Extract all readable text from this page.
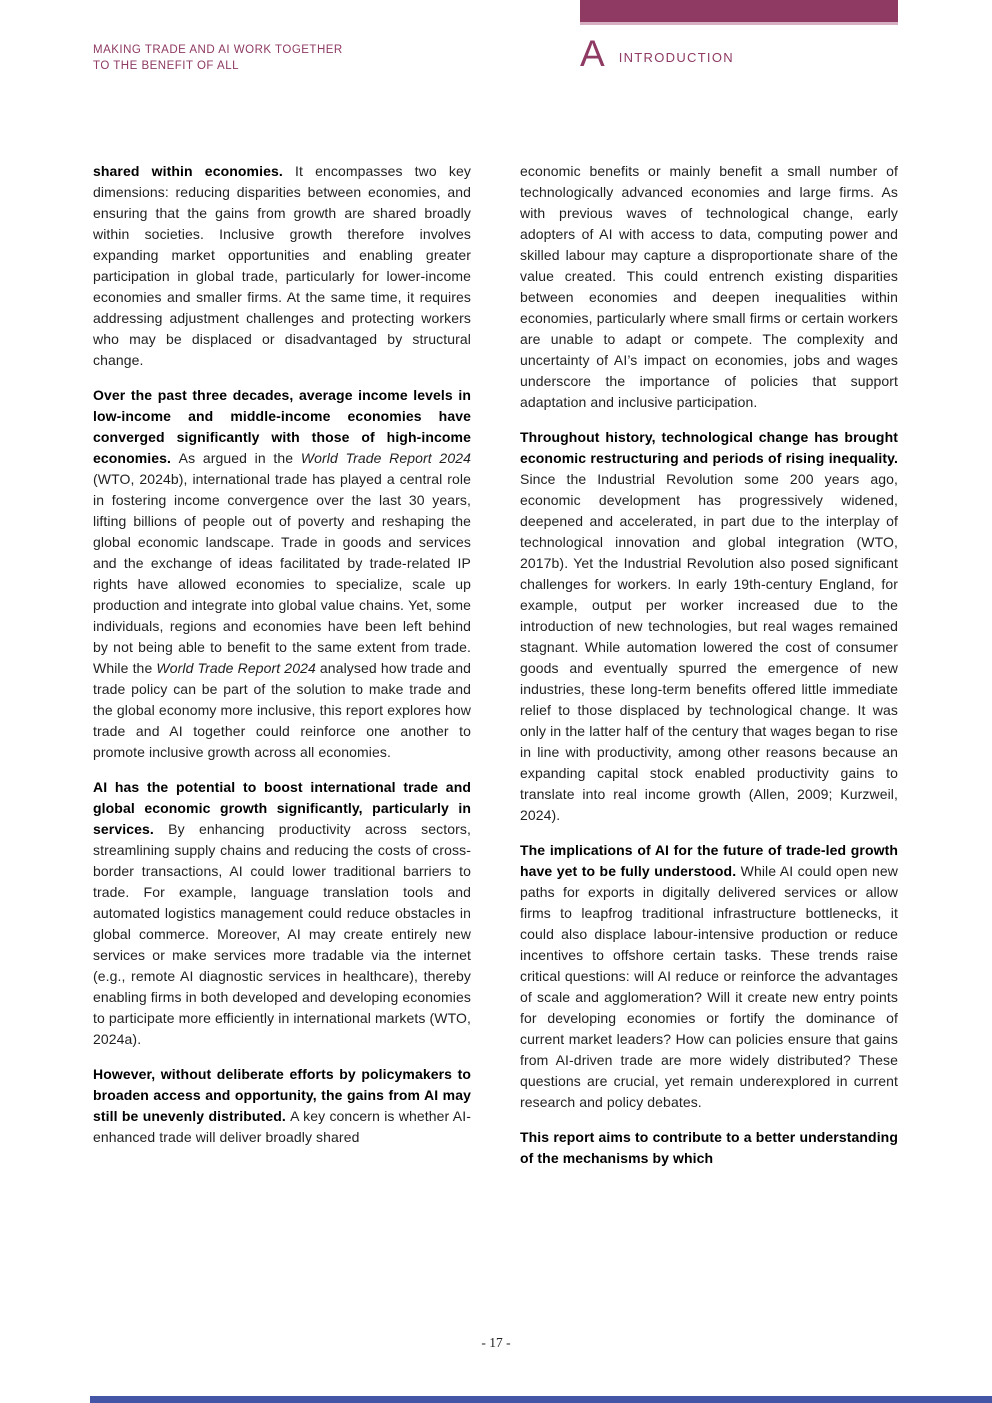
MAKING TRADE AND AI WORK TOGETHER
TO THE BENEFIT OF ALL	A INTRODUCTION

shared within economies. It encompasses two key dimensions: reducing disparities between economies, and ensuring that the gains from growth are shared broadly within societies. Inclusive growth therefore involves expanding market opportunities and enabling greater participation in global trade, particularly for lower-income economies and smaller firms. At the same time, it requires addressing adjustment challenges and protecting workers who may be displaced or disadvantaged by structural change.

Over the past three decades, average income levels in low-income and middle-income economies have converged significantly with those of high-income economies. As argued in the World Trade Report 2024 (WTO, 2024b), international trade has played a central role in fostering income convergence over the last 30 years, lifting billions of people out of poverty and reshaping the global economic landscape. Trade in goods and services and the exchange of ideas facilitated by trade-related IP rights have allowed economies to specialize, scale up production and integrate into global value chains. Yet, some individuals, regions and economies have been left behind by not being able to benefit to the same extent from trade. While the World Trade Report 2024 analysed how trade and trade policy can be part of the solution to make trade and the global economy more inclusive, this report explores how trade and AI together could reinforce one another to promote inclusive growth across all economies.

AI has the potential to boost international trade and global economic growth significantly, particularly in services. By enhancing productivity across sectors, streamlining supply chains and reducing the costs of cross-border transactions, AI could lower traditional barriers to trade. For example, language translation tools and automated logistics management could reduce obstacles in global commerce. Moreover, AI may create entirely new services or make services more tradable via the internet (e.g., remote AI diagnostic services in healthcare), thereby enabling firms in both developed and developing economies to participate more efficiently in international markets (WTO, 2024a).

However, without deliberate efforts by policymakers to broaden access and opportunity, the gains from AI may still be unevenly distributed. A key concern is whether AI-enhanced trade will deliver broadly shared

economic benefits or mainly benefit a small number of technologically advanced economies and large firms. As with previous waves of technological change, early adopters of AI with access to data, computing power and skilled labour may capture a disproportionate share of the value created. This could entrench existing disparities between economies and deepen inequalities within economies, particularly where small firms or certain workers are unable to adapt or compete. The complexity and uncertainty of AI’s impact on economies, jobs and wages underscore the importance of policies that support adaptation and inclusive participation.

Throughout history, technological change has brought economic restructuring and periods of rising inequality. Since the Industrial Revolution some 200 years ago, economic development has progressively widened, deepened and accelerated, in part due to the interplay of technological innovation and global integration (WTO, 2017b). Yet the Industrial Revolution also posed significant challenges for workers. In early 19th-century England, for example, output per worker increased due to the introduction of new technologies, but real wages remained stagnant. While automation lowered the cost of consumer goods and eventually spurred the emergence of new industries, these long-term benefits offered little immediate relief to those displaced by technological change. It was only in the latter half of the century that wages began to rise in line with productivity, among other reasons because an expanding capital stock enabled productivity gains to translate into real income growth (Allen, 2009; Kurzweil, 2024).

The implications of AI for the future of trade-led growth have yet to be fully understood. While AI could open new paths for exports in digitally delivered services or allow firms to leapfrog traditional infrastructure bottlenecks, it could also displace labour-intensive production or reduce incentives to offshore certain tasks. These trends raise critical questions: will AI reduce or reinforce the advantages of scale and agglomeration? Will it create new entry points for developing economies or fortify the dominance of current market leaders? How can policies ensure that gains from AI-driven trade are more widely distributed? These questions are crucial, yet remain underexplored in current research and policy debates.

This report aims to contribute to a better understanding of the mechanisms by which

- 17 -
